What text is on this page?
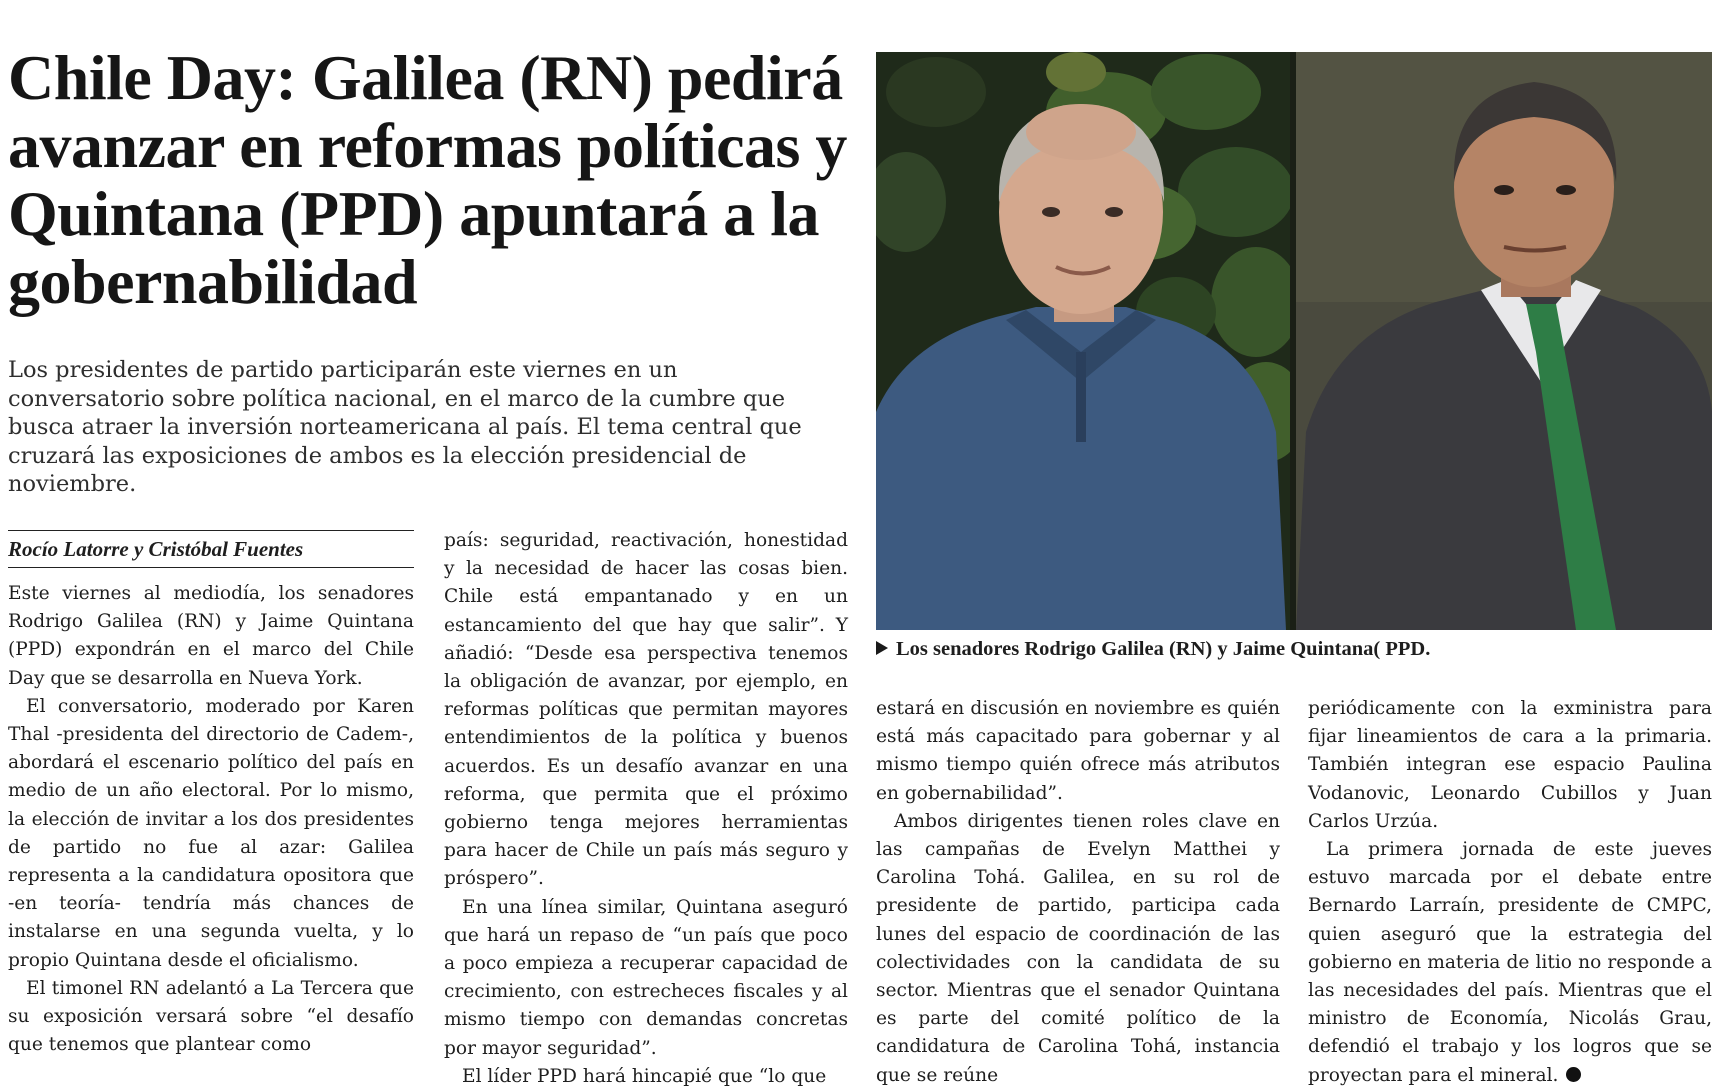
Chile Day: Galilea (RN) pedirá avanzar en reformas políticas y Quintana (PPD) apuntará a la gobernabilidad

Los presidentes de partido participarán este viernes en un conversatorio sobre política nacional, en el marco de la cumbre que busca atraer la inversión norteamericana al país. El tema central que cruzará las exposiciones de ambos es la elección presidencial de noviembre.

Rocío Latorre y Cristóbal Fuentes

Este viernes al mediodía, los senadores Rodrigo Galilea (RN) y Jaime Quintana (PPD) expondrán en el marco del Chile Day que se desarrolla en Nueva York.

El conversatorio, moderado por Karen Thal -presidenta del directorio de Cadem-, abordará el escenario político del país en medio de un año electoral. Por lo mismo, la elección de invitar a los dos presidentes de partido no fue al azar: Galilea representa a la candidatura opositora que -en teoría- tendría más chances de instalarse en una segunda vuelta, y lo propio Quintana desde el oficialismo.

El timonel RN adelantó a La Tercera que su exposición versará sobre “el desafío que tenemos que plantear como

país: seguridad, reactivación, honestidad y la necesidad de hacer las cosas bien. Chile está empantanado y en un estancamiento del que hay que salir”. Y añadió: “Desde esa perspectiva tenemos la obligación de avanzar, por ejemplo, en reformas políticas que permitan mayores entendimientos de la política y buenos acuerdos. Es un desafío avanzar en una reforma, que permita que el próximo gobierno tenga mejores herramientas para hacer de Chile un país más seguro y próspero”.

En una línea similar, Quintana aseguró que hará un repaso de “un país que poco a poco empieza a recuperar capacidad de crecimiento, con estrecheces fiscales y al mismo tiempo con demandas concretas por mayor seguridad”.

El líder PPD hará hincapié que “lo que

Los senadores Rodrigo Galilea (RN) y Jaime Quintana( PPD.

estará en discusión en noviembre es quién está más capacitado para gobernar y al mismo tiempo quién ofrece más atributos en gobernabilidad”.

Ambos dirigentes tienen roles clave en las campañas de Evelyn Matthei y Carolina Tohá. Galilea, en su rol de presidente de partido, participa cada lunes del espacio de coordinación de las colectividades con la candidata de su sector. Mientras que el senador Quintana es parte del comité político de la candidatura de Carolina Tohá, instancia que se reúne

periódicamente con la exministra para fijar lineamientos de cara a la primaria. También integran ese espacio Paulina Vodanovic, Leonardo Cubillos y Juan Carlos Urzúa.

La primera jornada de este jueves estuvo marcada por el debate entre Bernardo Larraín, presidente de CMPC, quien aseguró que la estrategia del gobierno en materia de litio no responde a las necesidades del país. Mientras que el ministro de Economía, Nicolás Grau, defendió el trabajo y los logros que se proyectan para el mineral.
